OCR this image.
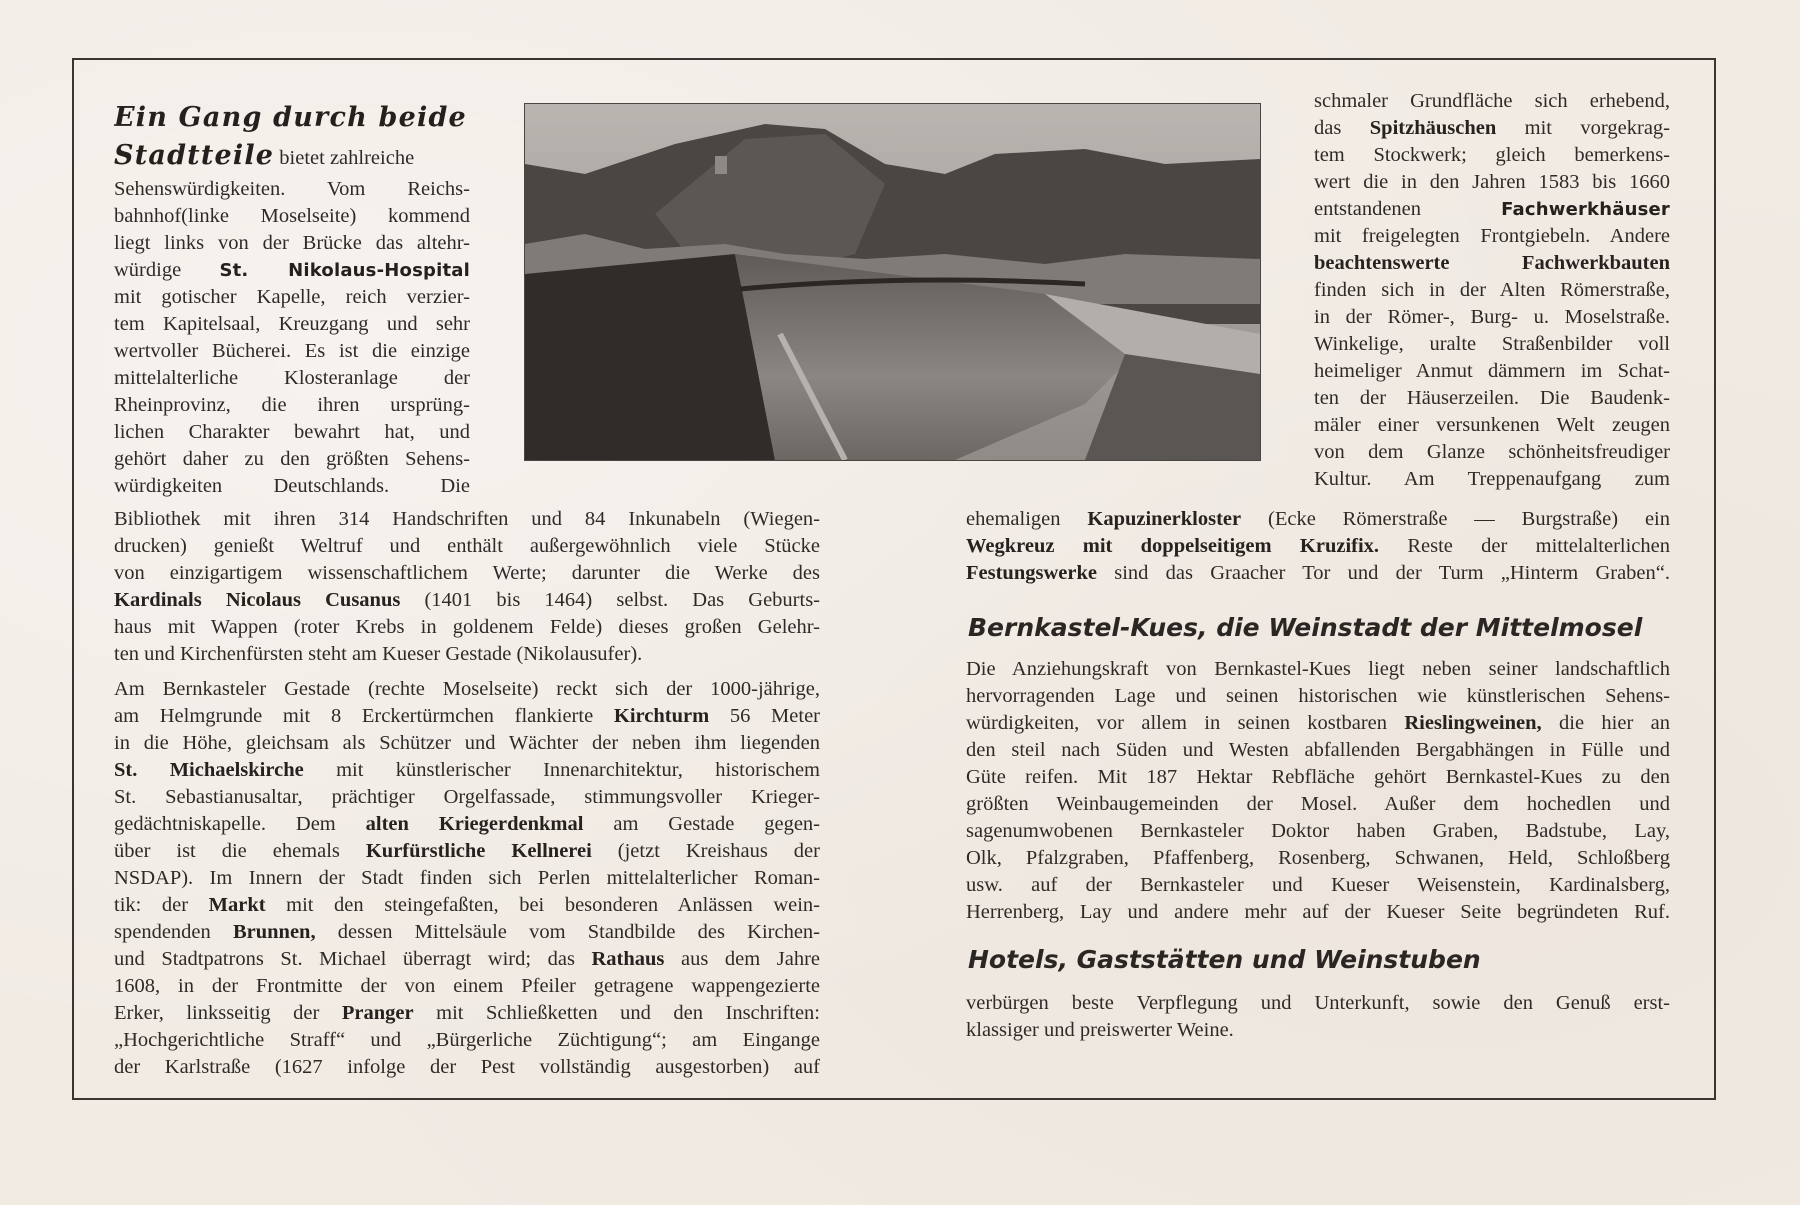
Ein Gang durch beide
Stadtteile bietet zahlreiche
Sehenswürdigkeiten. Vom Reichs-
bahnhof(linke Moselseite) kommend
liegt links von der Brücke das altehr-
würdige St. Nikolaus-Hospital
mit gotischer Kapelle, reich verzier-
tem Kapitelsaal, Kreuzgang und sehr
wertvoller Bücherei. Es ist die einzige
mittelalterliche Klosteranlage der
Rheinprovinz, die ihren ursprüng-
lichen Charakter bewahrt hat, und
gehört daher zu den größten Sehens-
würdigkeiten Deutschlands. Die
Bibliothek mit ihren 314 Handschriften und 84 Inkunabeln (Wiegen-
drucken) genießt Weltruf und enthält außergewöhnlich viele Stücke
von einzigartigem wissenschaftlichem Werte; darunter die Werke des
Kardinals Nicolaus Cusanus (1401 bis 1464) selbst. Das Geburts-
haus mit Wappen (roter Krebs in goldenem Felde) dieses großen Gelehr-
ten und Kirchenfürsten steht am Kueser Gestade (Nikolausufer).
Am Bernkasteler Gestade (rechte Moselseite) reckt sich der 1000-jährige,
am Helmgrunde mit 8 Erckertürmchen flankierte Kirchturm 56 Meter
in die Höhe, gleichsam als Schützer und Wächter der neben ihm liegenden
St. Michaelskirche mit künstlerischer Innenarchitektur, historischem
St. Sebastianusaltar, prächtiger Orgelfassade, stimmungsvoller Krieger-
gedächtniskapelle. Dem alten Kriegerdenkmal am Gestade gegen-
über ist die ehemals Kurfürstliche Kellnerei (jetzt Kreishaus der
NSDAP). Im Innern der Stadt finden sich Perlen mittelalterlicher Roman-
tik: der Markt mit den steingefaßten, bei besonderen Anlässen wein-
spendenden Brunnen, dessen Mittelsäule vom Standbilde des Kirchen-
und Stadtpatrons St. Michael überragt wird; das Rathaus aus dem Jahre
1608, in der Frontmitte der von einem Pfeiler getragene wappengezierte
Erker, linksseitig der Pranger mit Schließketten und den Inschriften:
„Hochgerichtliche Straff“ und „Bürgerliche Züchtigung“; am Eingange
der Karlstraße (1627 infolge der Pest vollständig ausgestorben) auf
schmaler Grundfläche sich erhebend,
das Spitzhäuschen mit vorgekrag-
tem Stockwerk; gleich bemerkens-
wert die in den Jahren 1583 bis 1660
entstandenen Fachwerkhäuser
mit freigelegten Frontgiebeln. Andere
beachtenswerte Fachwerkbauten
finden sich in der Alten Römerstraße,
in der Römer-, Burg- u. Moselstraße.
Winkelige, uralte Straßenbilder voll
heimeliger Anmut dämmern im Schat-
ten der Häuserzeilen. Die Baudenk-
mäler einer versunkenen Welt zeugen
von dem Glanze schönheitsfreudiger
Kultur. Am Treppenaufgang zum
ehemaligen Kapuzinerkloster (Ecke Römerstraße — Burgstraße) ein
Wegkreuz mit doppelseitigem Kruzifix. Reste der mittelalterlichen
Festungswerke sind das Graacher Tor und der Turm „Hinterm Graben“.
Bernkastel-Kues, die Weinstadt der Mittelmosel
Die Anziehungskraft von Bernkastel-Kues liegt neben seiner landschaftlich
hervorragenden Lage und seinen historischen wie künstlerischen Sehens-
würdigkeiten, vor allem in seinen kostbaren Rieslingweinen, die hier an
den steil nach Süden und Westen abfallenden Bergabhängen in Fülle und
Güte reifen. Mit 187 Hektar Rebfläche gehört Bernkastel-Kues zu den
größten Weinbaugemeinden der Mosel. Außer dem hochedlen und
sagenumwobenen Bernkasteler Doktor haben Graben, Badstube, Lay,
Olk, Pfalzgraben, Pfaffenberg, Rosenberg, Schwanen, Held, Schloßberg
usw. auf der Bernkasteler und Kueser Weisenstein, Kardinalsberg,
Herrenberg, Lay und andere mehr auf der Kueser Seite begründeten Ruf.
Hotels, Gaststätten und Weinstuben
verbürgen beste Verpflegung und Unterkunft, sowie den Genuß erst-
klassiger und preiswerter Weine.
